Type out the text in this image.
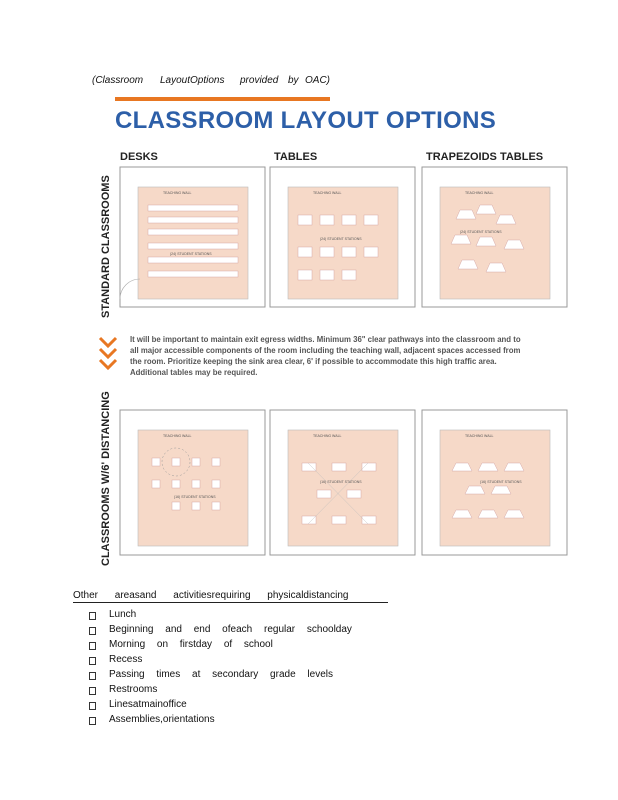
(Classroom LayoutOptions provided by OAC)
CLASSROOM LAYOUT OPTIONS
DESKS	TABLES	TRAPEZOIDS TABLES
STANDARD CLASSROOMS
CLASSROOMS W/6' DISTANCING
TEACHING WALL
(24) STUDENT STATIONS
TEACHING WALL
(24) STUDENT STATIONS
TEACHING WALL
(24) STUDENT STATIONS
It will be important to maintain exit egress widths. Minimum 36" clear pathways into the classroom and to all major accessible components of the room including the teaching wall, adjacent spaces accessed from the room. Prioritize keeping the sink area clear, 6' if possible to accommodate this high traffic area. Additional tables may be required.
TEACHING WALL
(16) STUDENT STATIONS
TEACHING WALL
(16) STUDENT STATIONS
TEACHING WALL
(16) STUDENT STATIONS
Other areasand activitiesrequiring physicaldistancing
Lunch
Beginning and end ofeach regular schoolday
Morning on firstday of school
Recess
Passing times at secondary grade levels
Restrooms
Linesatmainoffice
Assemblies,orientations
